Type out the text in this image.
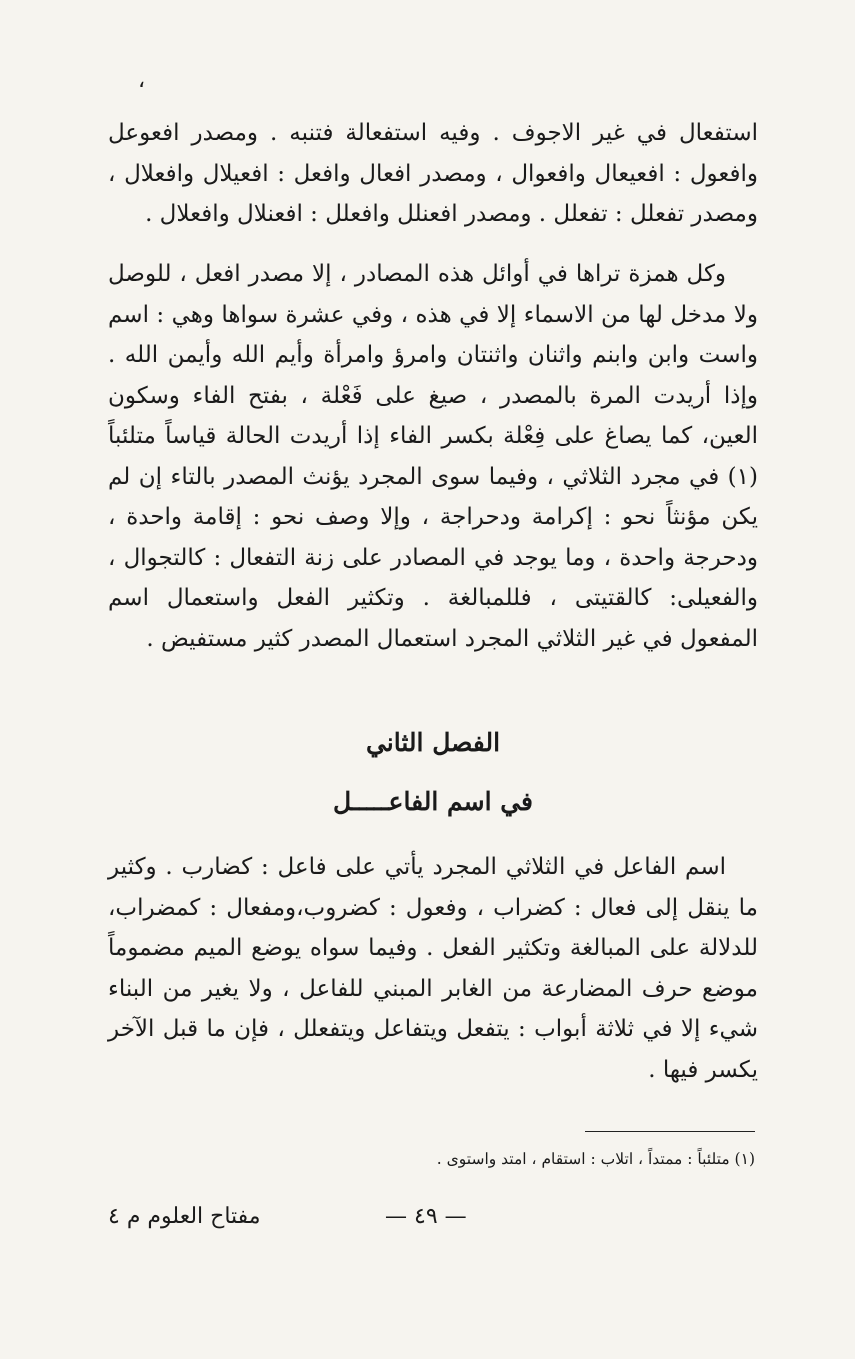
،

استفعال في غير الاجوف . وفيه استفعالة فتنبه . ومصدر افعوعل وافعول : افعيعال وافعوال ، ومصدر افعال وافعل : افعيلال وافعلال ، ومصدر تفعلل : تفعلل . ومصدر افعنلل وافعلل : افعنلال وافعلال .

وكل همزة تراها في أوائل هذه المصادر ، إلا مصدر افعل ، للوصل ولا مدخل لها من الاسماء إلا في هذه ، وفي عشرة سواها وهي : اسم واست وابن وابنم واثنان واثنتان وامرؤ وامرأة وأيم الله وأيمن الله . وإذا أريدت المرة بالمصدر ، صيغ على فَعْلة ، بفتح الفاء وسكون العين، كما يصاغ على فِعْلة بكسر الفاء إذا أريدت الحالة قياساً متلئباً (١) في مجرد الثلاثي ، وفيما سوى المجرد يؤنث المصدر بالتاء إن لم يكن مؤنثاً نحو : إكرامة ودحراجة ، وإلا وصف نحو : إقامة واحدة ، ودحرجة واحدة ، وما يوجد في المصادر على زنة التفعال : كالتجوال ، والفعيلى: كالقتيتى ، فللمبالغة . وتكثير الفعل واستعمال اسم المفعول في غير الثلاثي المجرد استعمال المصدر كثير مستفيض .

الفصل الثاني
في اسم الفاعـــــل

اسم الفاعل في الثلاثي المجرد يأتي على فاعل : كضارب . وكثير ما ينقل إلى فعال : كضراب ، وفعول : كضروب،ومفعال : كمضراب، للدلالة على المبالغة وتكثير الفعل . وفيما سواه يوضع الميم مضموماً موضع حرف المضارعة من الغابر المبني للفاعل ، ولا يغير من البناء شيء إلا في ثلاثة أبواب : يتفعل ويتفاعل ويتفعلل ، فإن ما قبل الآخر يكسر فيها .

(١) متلئباً : ممتداً ، اتلاب : استقام ، امتد واستوى .
— ٤٩ —
مفتاح العلوم م ٤
